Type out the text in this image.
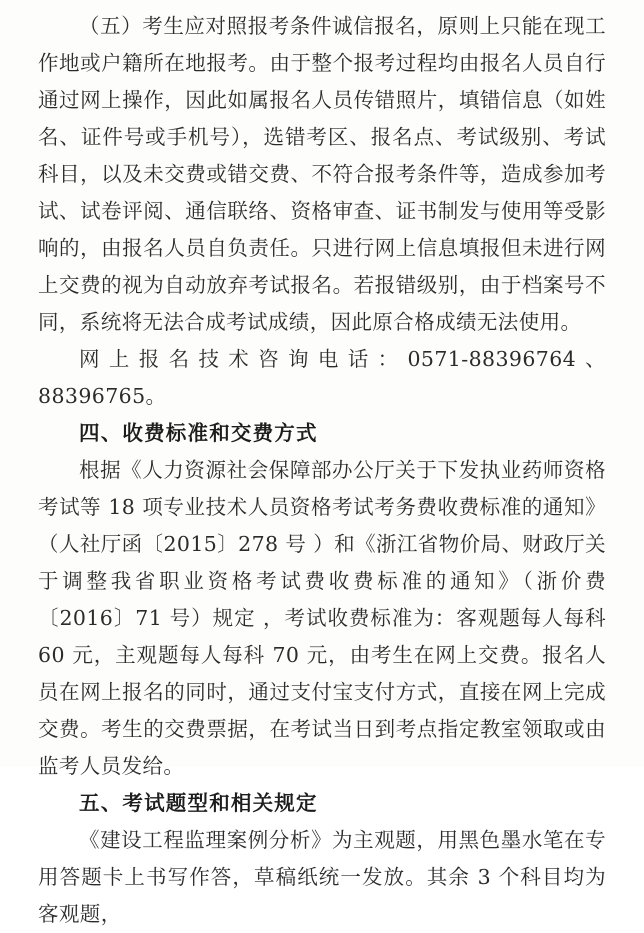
（五）考生应对照报考条件诚信报名，原则上只能在现工作地或户籍所在地报考。由于整个报考过程均由报名人员自行通过网上操作，因此如属报名人员传错照片，填错信息（如姓名、证件号或手机号），选错考区、报名点、考试级别、考试科目，以及未交费或错交费、不符合报考条件等，造成参加考试、试卷评阅、通信联络、资格审查、证书制发与使用等受影响的，由报名人员自负责任。只进行网上信息填报但未进行网上交费的视为自动放弃考试报名。若报错级别，由于档案号不同，系统将无法合成考试成绩，因此原合格成绩无法使用。

网上报名技术咨询电话：0571-88396764、88396765。

四、收费标准和交费方式

根据《人力资源社会保障部办公厅关于下发执业药师资格考试等 18 项专业技术人员资格考试考务费收费标准的通知》（人社厅函〔2015〕278 号 ）和《浙江省物价局、财政厅关于调整我省职业资格考试费收费标准的通知》（浙价费〔2016〕71 号）规定 ，考试收费标准为：客观题每人每科 60 元，主观题每人每科 70 元，由考生在网上交费。报名人员在网上报名的同时，通过支付宝支付方式，直接在网上完成交费。考生的交费票据，在考试当日到考点指定教室领取或由监考人员发给。

五、考试题型和相关规定

《建设工程监理案例分析》为主观题，用黑色墨水笔在专用答题卡上书写作答，草稿纸统一发放。其余 3 个科目均为客观题，
